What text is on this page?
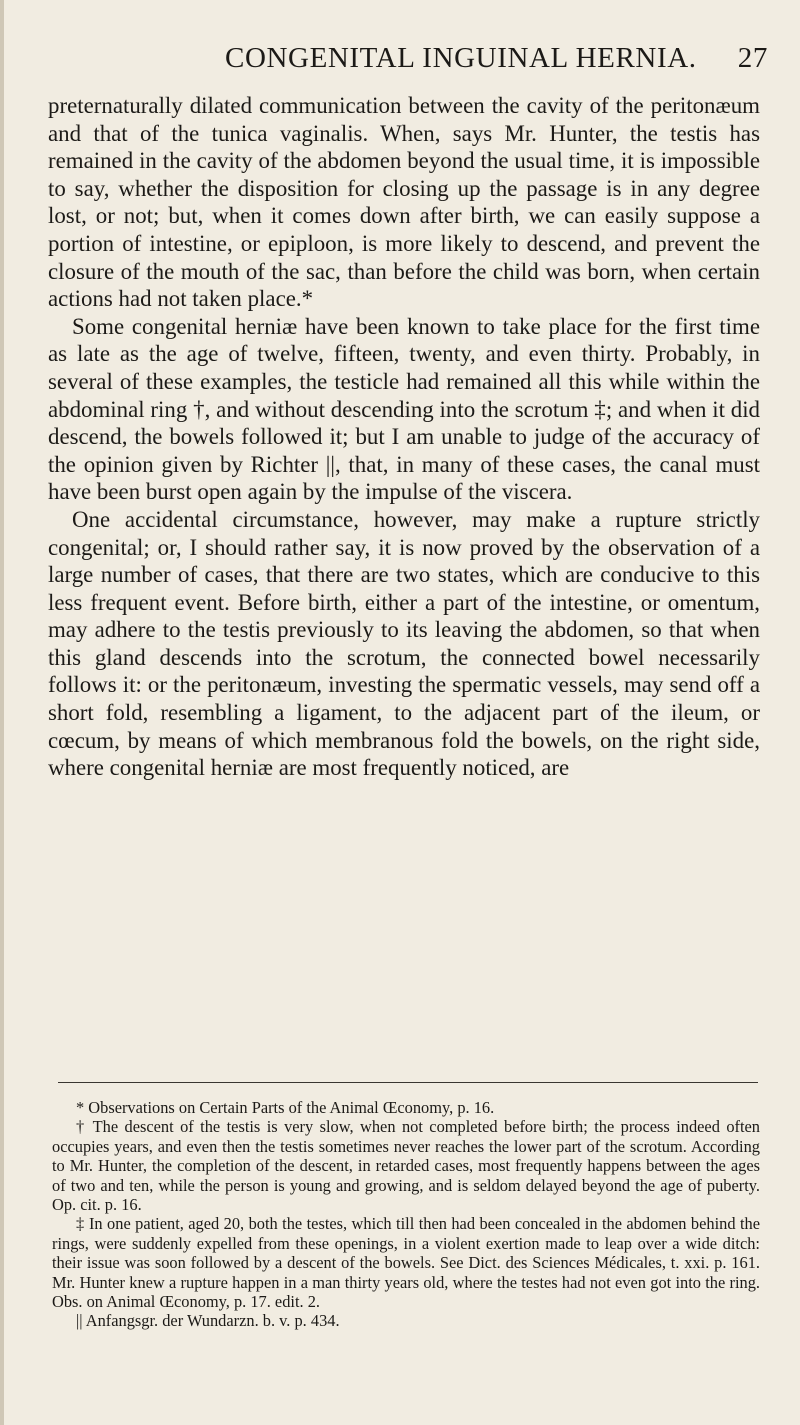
CONGENITAL INGUINAL HERNIA. 27

preternaturally dilated communication between the cavity of the peritonæum and that of the tunica vaginalis. When, says Mr. Hunter, the testis has remained in the cavity of the abdomen beyond the usual time, it is impossible to say, whether the disposition for closing up the passage is in any degree lost, or not; but, when it comes down after birth, we can easily suppose a portion of intestine, or epiploon, is more likely to descend, and prevent the closure of the mouth of the sac, than before the child was born, when certain actions had not taken place.*

Some congenital herniæ have been known to take place for the first time as late as the age of twelve, fifteen, twenty, and even thirty. Probably, in several of these examples, the testicle had remained all this while within the abdominal ring †, and without descending into the scrotum ‡; and when it did descend, the bowels followed it; but I am unable to judge of the accuracy of the opinion given by Richter ||, that, in many of these cases, the canal must have been burst open again by the impulse of the viscera.

One accidental circumstance, however, may make a rupture strictly congenital; or, I should rather say, it is now proved by the observation of a large number of cases, that there are two states, which are conducive to this less frequent event. Before birth, either a part of the intestine, or omentum, may adhere to the testis previously to its leaving the abdomen, so that when this gland descends into the scrotum, the connected bowel necessarily follows it: or the peritonæum, investing the spermatic vessels, may send off a short fold, resembling a ligament, to the adjacent part of the ileum, or cœcum, by means of which membranous fold the bowels, on the right side, where congenital herniæ are most frequently noticed, are

* Observations on Certain Parts of the Animal Œconomy, p. 16.

† The descent of the testis is very slow, when not completed before birth; the process indeed often occupies years, and even then the testis sometimes never reaches the lower part of the scrotum. According to Mr. Hunter, the completion of the descent, in retarded cases, most frequently happens between the ages of two and ten, while the person is young and growing, and is seldom delayed beyond the age of puberty. Op. cit. p. 16.

‡ In one patient, aged 20, both the testes, which till then had been concealed in the abdomen behind the rings, were suddenly expelled from these openings, in a violent exertion made to leap over a wide ditch: their issue was soon followed by a descent of the bowels. See Dict. des Sciences Médicales, t. xxi. p. 161. Mr. Hunter knew a rupture happen in a man thirty years old, where the testes had not even got into the ring. Obs. on Animal Œconomy, p. 17. edit. 2.

|| Anfangsgr. der Wundarzn. b. v. p. 434.
